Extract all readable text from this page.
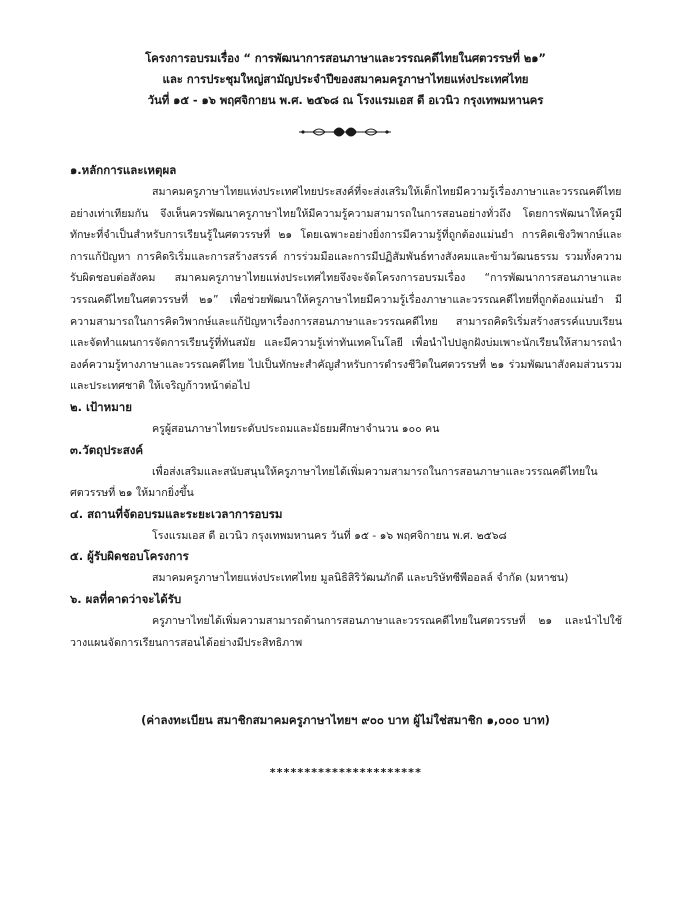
โครงการอบรมเรื่อง “ การพัฒนาการสอนภาษาและวรรณคดีไทยในศตวรรษที่ ๒๑”
และ การประชุมใหญ่สามัญประจำปีของสมาคมครูภาษาไทยแห่งประเทศไทย
วันที่ ๑๕ - ๑๖ พฤศจิกายน พ.ศ. ๒๕๖๘ ณ โรงแรมเอส ดี อเวนิว กรุงเทพมหานคร
๑.หลักการและเหตุผล

สมาคมครูภาษาไทยแห่งประเทศไทยประสงค์ที่จะส่งเสริมให้เด็กไทยมีความรู้เรื่องภาษาและวรรณคดีไทยอย่างเท่าเทียมกัน จึงเห็นควรพัฒนาครูภาษาไทยให้มีความรู้ความสามารถในการสอนอย่างทั่วถึง โดยการพัฒนาให้ครูมีทักษะที่จำเป็นสำหรับการเรียนรู้ในศตวรรษที่ ๒๑ โดยเฉพาะอย่างยิ่งการมีความรู้ที่ถูกต้องแม่นยำ การคิดเชิงวิพากษ์และการแก้ปัญหา การคิดริเริ่มและการสร้างสรรค์ การร่วมมือและการมีปฏิสัมพันธ์ทางสังคมและข้ามวัฒนธรรม รวมทั้งความรับผิดชอบต่อสังคม สมาคมครูภาษาไทยแห่งประเทศไทยจึงจะจัดโครงการอบรมเรื่อง “การพัฒนาการสอนภาษาและวรรณคดีไทยในศตวรรษที่ ๒๑” เพื่อช่วยพัฒนาให้ครูภาษาไทยมีความรู้เรื่องภาษาและวรรณคดีไทยที่ถูกต้องแม่นยำ มีความสามารถในการคิดวิพากษ์และแก้ปัญหาเรื่องการสอนภาษาและวรรณคดีไทย สามารถคิดริเริ่มสร้างสรรค์แบบเรียนและจัดทำแผนการจัดการเรียนรู้ที่ทันสมัย และมีความรู้เท่าทันเทคโนโลยี เพื่อนำไปปลูกฝังบ่มเพาะนักเรียนให้สามารถนำองค์ความรู้ทางภาษาและวรรณคดีไทย ไปเป็นทักษะสำคัญสำหรับการดำรงชีวิตในศตวรรษที่ ๒๑ ร่วมพัฒนาสังคมส่วนรวมและประเทศชาติ ให้เจริญก้าวหน้าต่อไป

๒. เป้าหมาย
ครูผู้สอนภาษาไทยระดับประถมและมัธยมศึกษาจำนวน ๑๐๐ คน
๓.วัตถุประสงค์

เพื่อส่งเสริมและสนับสนุนให้ครูภาษาไทยได้เพิ่มความสามารถในการสอนภาษาและวรรณคดีไทยในศตวรรษที่ ๒๑ ให้มากยิ่งขึ้น

๔. สถานที่จัดอบรมและระยะเวลาการอบรม
โรงแรมเอส ดี อเวนิว กรุงเทพมหานคร วันที่ ๑๕ - ๑๖ พฤศจิกายน พ.ศ. ๒๕๖๘
๕. ผู้รับผิดชอบโครงการ
สมาคมครูภาษาไทยแห่งประเทศไทย มูลนิธิสิริวัฒนภักดี และบริษัทซีพีออลล์ จำกัด (มหาชน)
๖. ผลที่คาดว่าจะได้รับ

ครูภาษาไทยได้เพิ่มความสามารถด้านการสอนภาษาและวรรณคดีไทยในศตวรรษที่ ๒๑ และนำไปใช้วางแผนจัดการเรียนการสอนได้อย่างมีประสิทธิภาพ

(ค่าลงทะเบียน สมาชิกสมาคมครูภาษาไทยฯ ๙๐๐ บาท ผู้ไม่ใช่สมาชิก ๑,๐๐๐ บาท)
**********************
